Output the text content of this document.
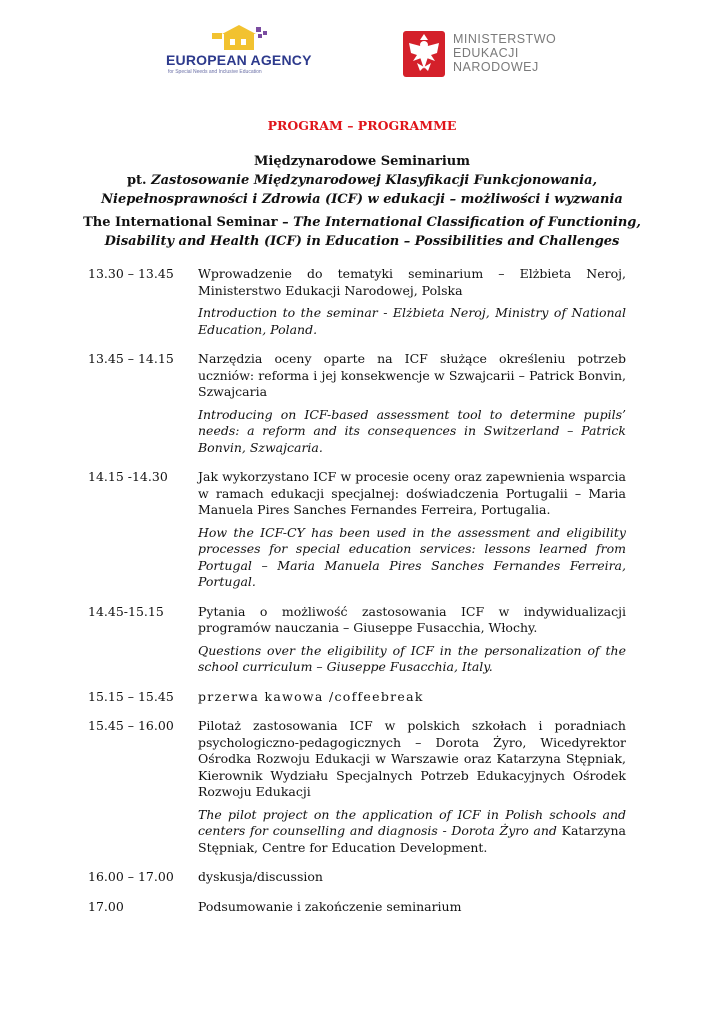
EUROPEAN AGENCY
for Special Needs and Inclusive Education
MINISTERSTWO
EDUKACJI
NARODOWEJ
PROGRAM – PROGRAMME
Międzynarodowe Seminarium
pt. Zastosowanie Międzynarodowej Klasyfikacji Funkcjonowania, Niepełnosprawności i Zdrowia (ICF) w edukacji – możliwości i wyzwania
The International Seminar – The International Classification of Functioning, Disability and Health (ICF) in Education – Possibilities and Challenges
13.30 – 13.45	Wprowadzenie do tematyki seminarium – Elżbieta Neroj, Ministerstwo Edukacji Narodowej, Polska
Introduction to the seminar - Elżbieta Neroj, Ministry of National Education, Poland.
13.45 – 14.15	Narzędzia oceny oparte na ICF służące określeniu potrzeb uczniów: reforma i jej konsekwencje w Szwajcarii – Patrick Bonvin, Szwajcaria
Introducing on ICF-based assessment tool to determine pupils’ needs: a reform and its consequences in Switzerland – Patrick Bonvin, Szwajcaria.
14.15 -14.30	Jak wykorzystano ICF w procesie oceny oraz zapewnienia wsparcia w ramach edukacji specjalnej: doświadczenia Portugalii – Maria Manuela Pires Sanches Fernandes Ferreira, Portugalia.
How the ICF-CY has been used in the assessment and eligibility processes for special education services: lessons learned from Portugal – Maria Manuela Pires Sanches Fernandes Ferreira, Portugal.
14.45-15.15	Pytania o możliwość zastosowania ICF w indywidualizacji programów nauczania – Giuseppe Fusacchia, Włochy.
Questions over the eligibility of ICF in the personalization of the school curriculum – Giuseppe Fusacchia, Italy.
15.15 – 15.45	przerwa kawowa /coffeebreak
15.45 – 16.00	Pilotaż zastosowania ICF w polskich szkołach i poradniach psychologiczno-pedagogicznych – Dorota Żyro, Wicedyrektor Ośrodka Rozwoju Edukacji w Warszawie oraz Katarzyna Stępniak, Kierownik Wydziału Specjalnych Potrzeb Edukacyjnych Ośrodek Rozwoju Edukacji
The pilot project on the application of ICF in Polish schools and centers for counselling and diagnosis - Dorota Żyro and Katarzyna Stępniak, Centre for Education Development.
16.00 – 17.00	dyskusja/discussion
17.00	Podsumowanie i zakończenie seminarium
